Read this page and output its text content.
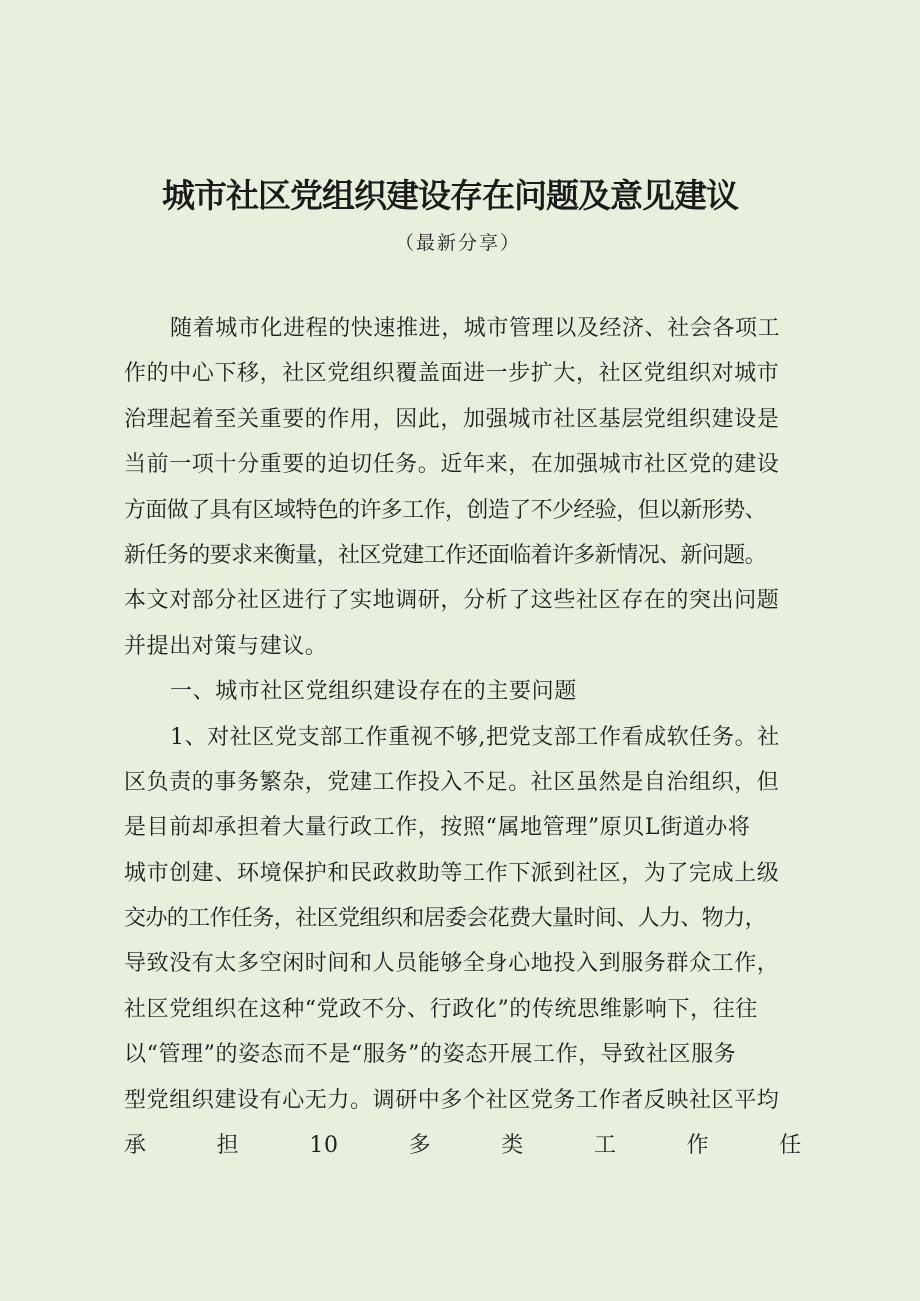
城市社区党组织建设存在问题及意见建议
（最新分享）
随着城市化进程的快速推进，城市管理以及经济、社会各项工
作的中心下移，社区党组织覆盖面进一步扩大，社区党组织对城市
治理起着至关重要的作用，因此，加强城市社区基层党组织建设是
当前一项十分重要的迫切任务。近年来，在加强城市社区党的建设
方面做了具有区域特色的许多工作，创造了不少经验，但以新形势、
新任务的要求来衡量，社区党建工作还面临着许多新情况、新问题。
本文对部分社区进行了实地调研，分析了这些社区存在的突出问题
并提出对策与建议。
一、城市社区党组织建设存在的主要问题
1、对社区党支部工作重视不够,把党支部工作看成软任务。社
区负责的事务繁杂，党建工作投入不足。社区虽然是自治组织，但
是目前却承担着大量行政工作，按照“属地管理”原贝L街道办将
城市创建、环境保护和民政救助等工作下派到社区，为了完成上级
交办的工作任务，社区党组织和居委会花费大量时间、人力、物力，
导致没有太多空闲时间和人员能够全身心地投入到服务群众工作，
社区党组织在这种“党政不分、行政化”的传统思维影响下，往往
以“管理”的姿态而不是“服务”的姿态开展工作，导致社区服务
型党组织建设有心无力。调研中多个社区党务工作者反映社区平均
承	担	10	多	类	工	作	任
